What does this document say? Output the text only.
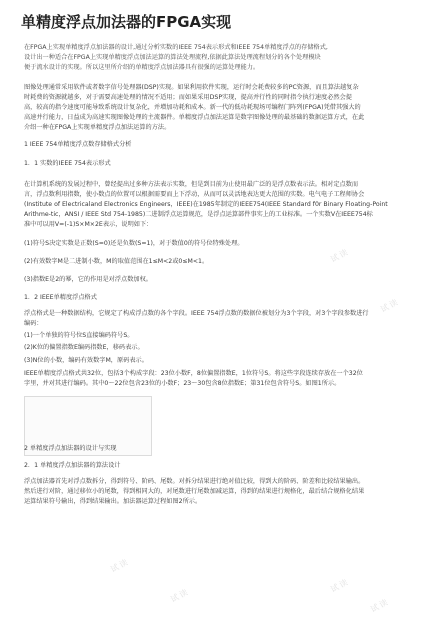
单精度浮点加法器的FPGA实现
在FPGA上实现单精度浮点加法器的设计,通过分析实数的IEEE 754表示形式和IEEE 754单精度浮点的存储格式,
设计出一种适合在FPGA上实现单精度浮点加法运算的算法处理流程,依据此算法处理流程划分的各个处理模块
便于流水设计的实现。所以这里所介绍的单精度浮点加法器具有很强的运算处理能力。
图像处理通常采用软件或者数字信号处理器(DSP)实现。如果利用软件实现，运行时会耗费较多的PC资源，而且算法越复杂
时耗费的资源就越多，对于需要高速处理的情况不适用；而如果采用DSP实现，提高并行性的同时指令执行速度必然会提
高，较高的指令速度可能导致系统设计复杂化，并增加功耗和成本。新一代的低功耗现场可编程门阵列(FPGA)凭借其强大的
高速并行能力，日益成为高速实现图像处理的主流器件。单精度浮点加法运算是数字图像处理的最基础的数据运算方式，在此
介绍一种在FPGA上实现单精度浮点加法运算的方法。
1 IEEE 754单精度浮点数存储格式分析
1．1 实数的IEEE 754表示形式
在计算机系统的发展过程中，曾经提出过多种方法表示实数，但是到目前为止使用最广泛的是浮点数表示法。相对定点数而
言，浮点数利用指数，使小数点的位置可以根据需要而上下浮动，从而可以灵活地表达更大范围的实数。电气电子工程师协会
(Institute of Electricaland Electronics Engineers，IEEE)在1985年制定的IEEE754(IEEE Standard f0r Binary Floating-Point
Arithme-tic，ANSI / IEEE Std 754-1985)二进制浮点运算规范，是浮点运算部件事实上的工业标准。一个实数V在IEEE754标
准中可以用V=(-1)S×M×2E表示，说明如下：
(1)符号S决定实数是正数(S=0)还是负数(S=1)，对于数值0的符号位特殊处理。
(2)有效数字M是二进制小数，M的取值范围在1≤M<2或0≤M<1。
(3)指数E是2的幂，它的作用是对浮点数加权。
1．2 IEEE单精度浮点格式
浮点格式是一种数据结构，它规定了构成浮点数的各个字段。IEEE 754浮点数的数据位被划分为3个字段，对3个字段参数进行
编码：
(1)一个单独的符号位S直接编码符号S。
(2)K位的偏置指数E编码指数E，移码表示。
(3)N位的小数，编码有效数字M，原码表示。
IEEE单精度浮点格式共32位，包括3个构成字段：23位小数F，8位偏置指数E，1位符号S。将这些字段连续存放在一个32位
字里，并对其进行编码。其中0～22位包含23位的小数F；23～30包含8位指数E；第31位包含符号S。如图1所示。
2 单精度浮点加法器的设计与实现
2．1 单精度浮点加法器的算法设计
浮点加法器首先对浮点数拆分，得到符号、阶码、尾数。对拆分结果进行绝对值比较，得到大的阶码、阶差和比较结果输出。
然后进行对阶，通过移位小的尾数，得到相同大的，对尾数进行尾数加减运算，得到的结果进行规格化，最后结合规格化结果
运算结果符号输出，得到结果输出。加法器运算过程如图2所示。
试读
试读
试读
试读
试读
试读
